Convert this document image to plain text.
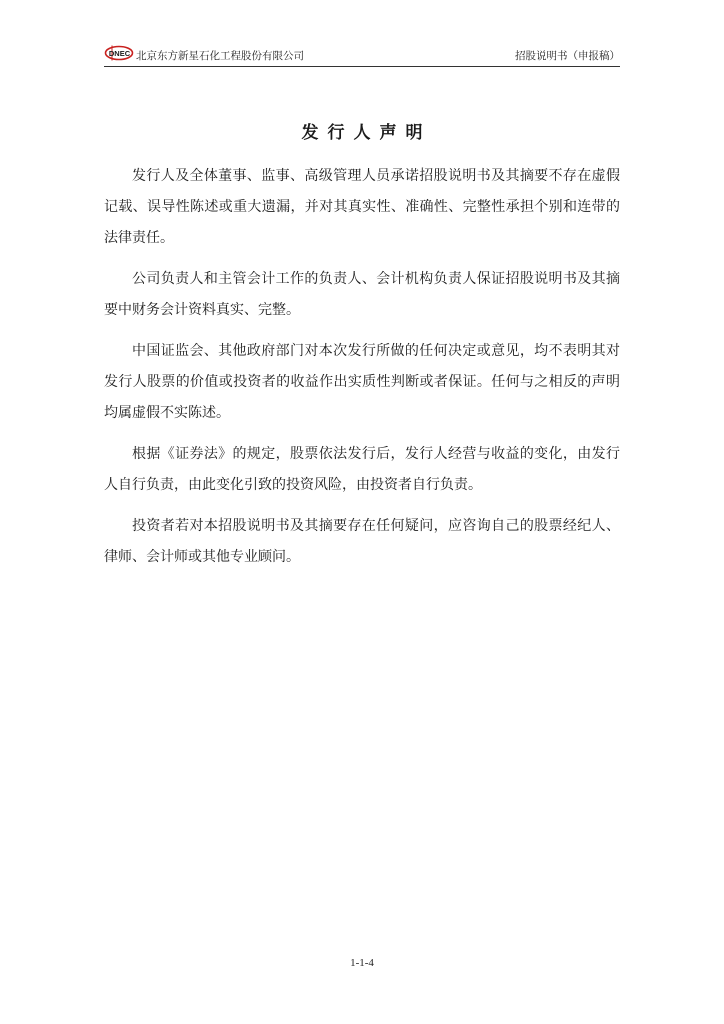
DNEC 北京东方新星石化工程股份有限公司	招股说明书（申报稿）
发行人声明

发行人及全体董事、监事、高级管理人员承诺招股说明书及其摘要不存在虚假记载、误导性陈述或重大遗漏，并对其真实性、准确性、完整性承担个别和连带的法律责任。

公司负责人和主管会计工作的负责人、会计机构负责人保证招股说明书及其摘要中财务会计资料真实、完整。

中国证监会、其他政府部门对本次发行所做的任何决定或意见，均不表明其对发行人股票的价值或投资者的收益作出实质性判断或者保证。任何与之相反的声明均属虚假不实陈述。

根据《证券法》的规定，股票依法发行后，发行人经营与收益的变化，由发行人自行负责，由此变化引致的投资风险，由投资者自行负责。

投资者若对本招股说明书及其摘要存在任何疑问，应咨询自己的股票经纪人、律师、会计师或其他专业顾问。

1-1-4
